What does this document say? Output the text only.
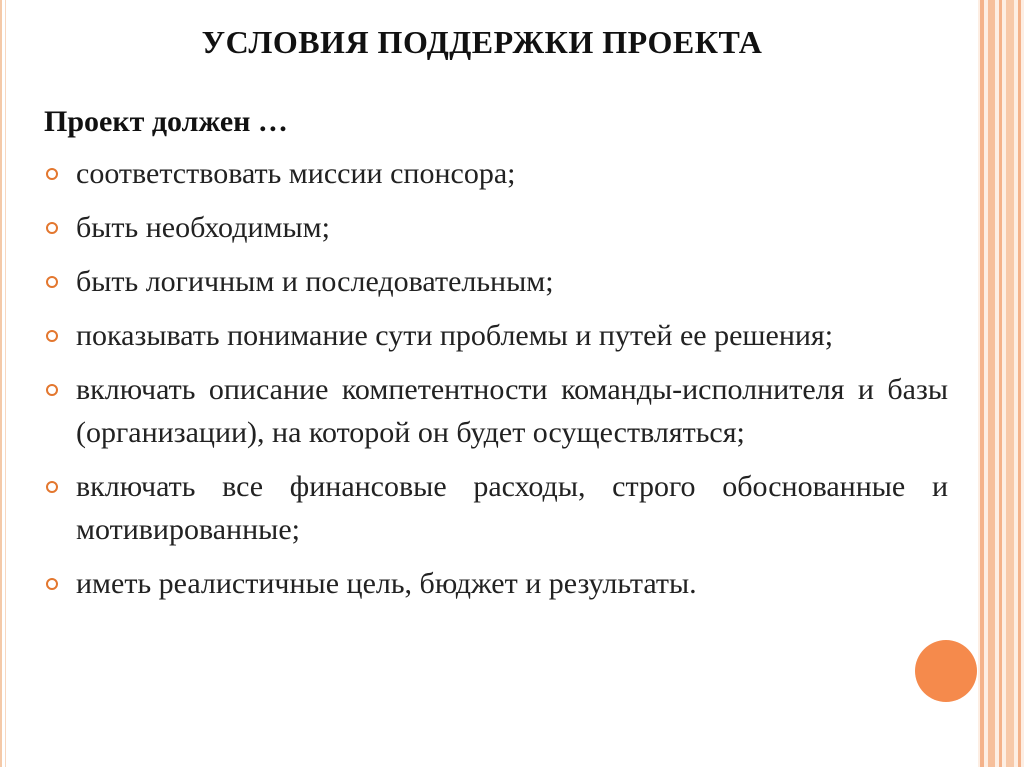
УСЛОВИЯ ПОДДЕРЖКИ ПРОЕКТА
Проект должен …
соответствовать миссии спонсора;
быть необходимым;
быть логичным и последовательным;
показывать понимание сути проблемы и путей ее решения;
включать описание компетентности команды-исполнителя и базы (организации), на которой он будет осуществляться;
включать все финансовые расходы, строго обоснованные и мотивированные;
иметь реалистичные цель, бюджет и результаты.
